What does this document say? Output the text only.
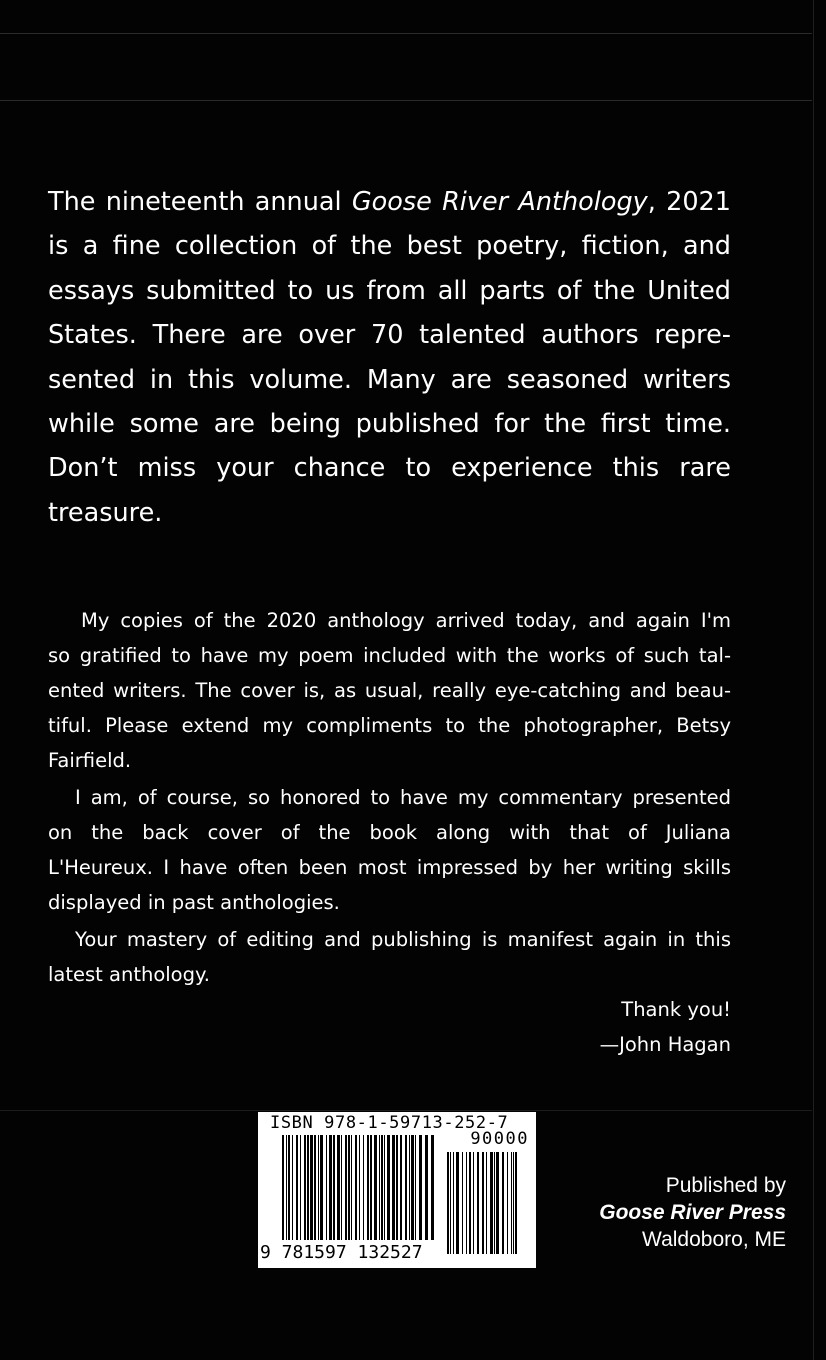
The nineteenth annual Goose River Anthology, 2021
is a fine collection of the best poetry, fiction, and
essays submitted to us from all parts of the United
States. There are over 70 talented authors repre-
sented in this volume. Many are seasoned writers
while some are being published for the first time.
Don’t miss your chance to experience this rare
treasure.
My copies of the 2020 anthology arrived today, and again I'm
so gratified to have my poem included with the works of such tal-
ented writers. The cover is, as usual, really eye-catching and beau-
tiful. Please extend my compliments to the photographer, Betsy
Fairfield.
I am, of course, so honored to have my commentary presented
on the back cover of the book along with that of Juliana
L'Heureux. I have often been most impressed by her writing skills
displayed in past anthologies.
Your mastery of editing and publishing is manifest again in this
latest anthology.
Thank you!
—John Hagan
ISBN 978-1-59713-252-7
90000
9 781597 132527
Published by
Goose River Press
Waldoboro, ME
